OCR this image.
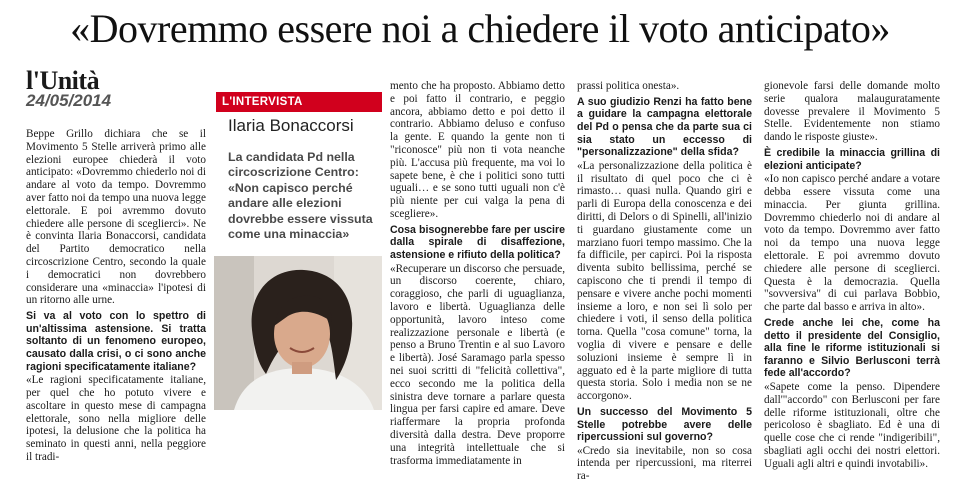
«Dovremmo essere noi a chiedere il voto anticipato»
l'Unità
24/05/2014

Beppe Grillo dichiara che se il Movimento 5 Stelle arriverà primo alle elezioni europee chiederà il voto anticipato: «Dovremmo chiederlo noi di andare al voto da tempo. Dovremmo aver fatto noi da tempo una nuova legge elettorale. E poi avremmo dovuto chiedere alle persone di sceglierci». Ne è convinta Ilaria Bonaccorsi, candidata del Partito democratico nella circoscrizione Centro, secondo la quale i democratici non dovrebbero considerare una «minaccia» l'ipotesi di un ritorno alle urne.

Si va al voto con lo spettro di un'altissima astensione. Si tratta soltanto di un fenomeno europeo, causato dalla crisi, o ci sono anche ragioni specificatamente italiane?

«Le ragioni specificatamente italiane, per quel che ho potuto vivere e ascoltare in questo mese di campagna elettorale, sono nella migliore delle ipotesi, la delusione che la politica ha seminato in questi anni, nella peggiore il tradi-

L'INTERVISTA
Ilaria Bonaccorsi
La candidata Pd nella circoscrizione Centro: «Non capisco perché andare alle elezioni dovrebbe essere vissuta come una minaccia»

mento che ha proposto. Abbiamo detto e poi fatto il contrario, e peggio ancora, abbiamo detto e poi detto il contrario. Abbiamo deluso e confuso la gente. E quando la gente non ti "riconosce" più non ti vota neanche più. L'accusa più frequente, ma voi lo sapete bene, è che i politici sono tutti uguali… e se sono tutti uguali non c'è più niente per cui valga la pena di scegliere».

Cosa bisognerebbe fare per uscire dalla spirale di disaffezione, astensione e rifiuto della politica?

«Recuperare un discorso che persuade, un discorso coerente, chiaro, coraggioso, che parli di uguaglianza, lavoro e libertà. Uguaglianza delle opportunità, lavoro inteso come realizzazione personale e libertà (e penso a Bruno Trentin e al suo Lavoro e libertà). José Saramago parla spesso nei suoi scritti di "felicità collettiva", ecco secondo me la politica della sinistra deve tornare a parlare questa lingua per farsi capire ed amare. Deve riaffermare la propria profonda diversità dalla destra. Deve proporre una integrità intellettuale che si trasforma immediatamente in

prassi politica onesta».

A suo giudizio Renzi ha fatto bene a guidare la campagna elettorale del Pd o pensa che da parte sua ci sia stato un eccesso di "personalizzazione" della sfida?

«La personalizzazione della politica è il risultato di quel poco che ci è rimasto… quasi nulla. Quando giri e parli di Europa della conoscenza e dei diritti, di Delors o di Spinelli, all'inizio ti guardano giustamente come un marziano fuori tempo massimo. Che la fa difficile, per capirci. Poi la risposta diventa subito bellissima, perché se capiscono che ti prendi il tempo di pensare e vivere anche pochi momenti insieme a loro, e non sei lì solo per chiedere i voti, il senso della politica torna. Quella "cosa comune" torna, la voglia di vivere e pensare e delle soluzioni insieme è sempre lì in agguato ed è la parte migliore di tutta questa storia. Solo i media non se ne accorgono».

Un successo del Movimento 5 Stelle potrebbe avere delle ripercussioni sul governo?

«Credo sia inevitabile, non so cosa intenda per ripercussioni, ma riterrei ra-

gionevole farsi delle domande molto serie qualora malauguratamente dovesse prevalere il Movimento 5 Stelle. Evidentemente non stiamo dando le risposte giuste».

È credibile la minaccia grillina di elezioni anticipate?

«Io non capisco perché andare a votare debba essere vissuta come una minaccia. Per giunta grillina. Dovremmo chiederlo noi di andare al voto da tempo. Dovremmo aver fatto noi da tempo una nuova legge elettorale. E poi avremmo dovuto chiedere alle persone di sceglierci. Questa è la democrazia. Quella "sovversiva" di cui parlava Bobbio, che parte dal basso e arriva in alto».

Crede anche lei che, come ha detto il presidente del Consiglio, alla fine le riforme istituzionali si faranno e Silvio Berlusconi terrà fede all'accordo?

«Sapete come la penso. Dipendere dall'"accordo" con Berlusconi per fare delle riforme istituzionali, oltre che pericoloso è sbagliato. Ed è una di quelle cose che ci rende "indigeribili", sbagliati agli occhi dei nostri elettori. Uguali agli altri e quindi invotabili».
